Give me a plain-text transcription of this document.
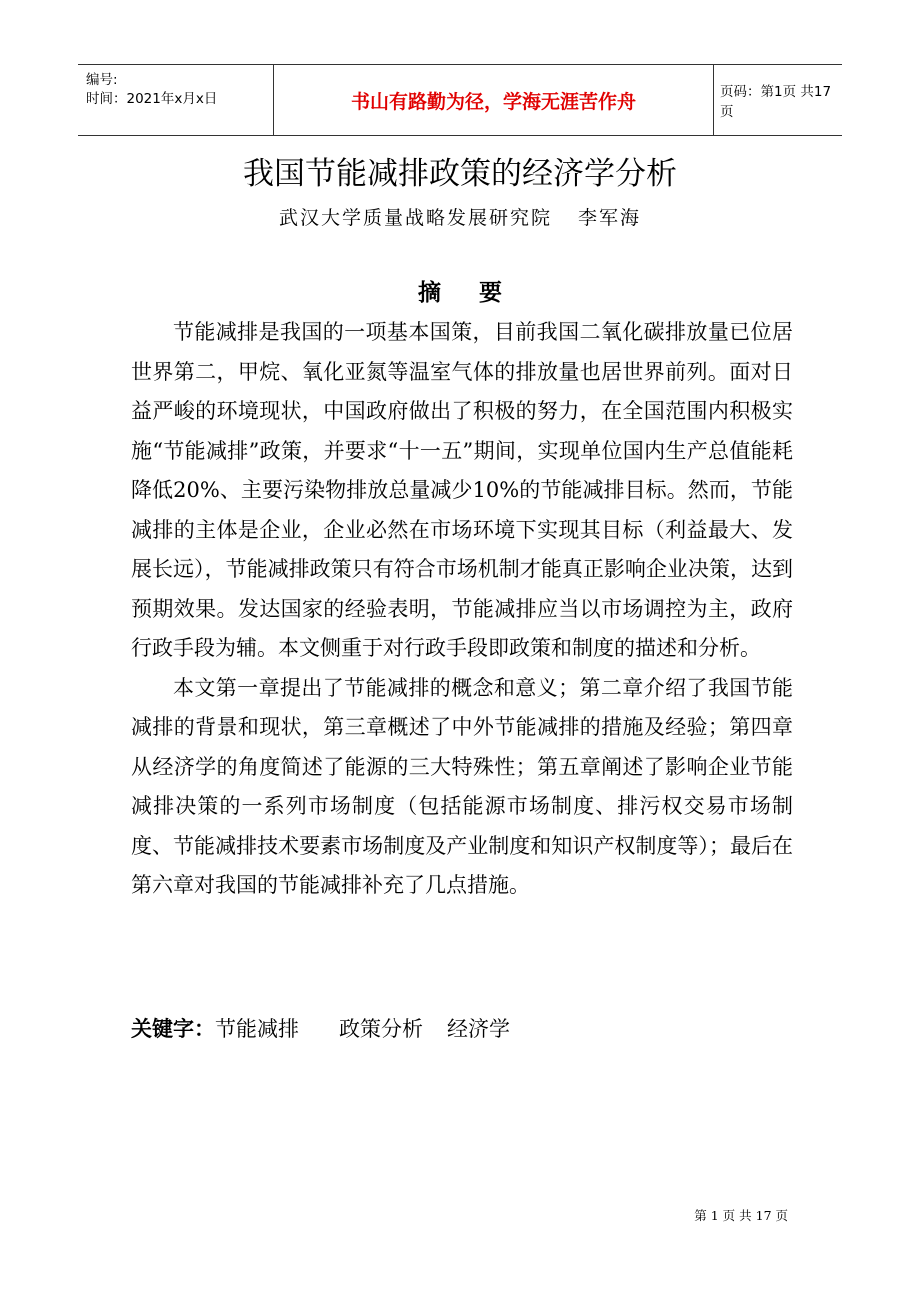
编号:
时间：2021年x月x日	书山有路勤为径，学海无涯苦作舟	页码：第1页 共17页
我国节能减排政策的经济学分析
武汉大学质量战略发展研究院 李军海
摘 要

节能减排是我国的一项基本国策，目前我国二氧化碳排放量已位居世界第二，甲烷、氧化亚氮等温室气体的排放量也居世界前列。面对日益严峻的环境现状，中国政府做出了积极的努力，在全国范围内积极实施“节能减排”政策，并要求“十一五”期间，实现单位国内生产总值能耗降低20%、主要污染物排放总量减少10%的节能减排目标。然而，节能减排的主体是企业，企业必然在市场环境下实现其目标（利益最大、发展长远），节能减排政策只有符合市场机制才能真正影响企业决策，达到预期效果。发达国家的经验表明，节能减排应当以市场调控为主，政府行政手段为辅。本文侧重于对行政手段即政策和制度的描述和分析。

本文第一章提出了节能减排的概念和意义；第二章介绍了我国节能减排的背景和现状，第三章概述了中外节能减排的措施及经验；第四章从经济学的角度简述了能源的三大特殊性；第五章阐述了影响企业节能减排决策的一系列市场制度（包括能源市场制度、排污权交易市场制度、节能减排技术要素市场制度及产业制度和知识产权制度等）；最后在第六章对我国的节能减排补充了几点措施。

关键字：节能减排 政策分析 经济学
第 1 页 共 17 页
